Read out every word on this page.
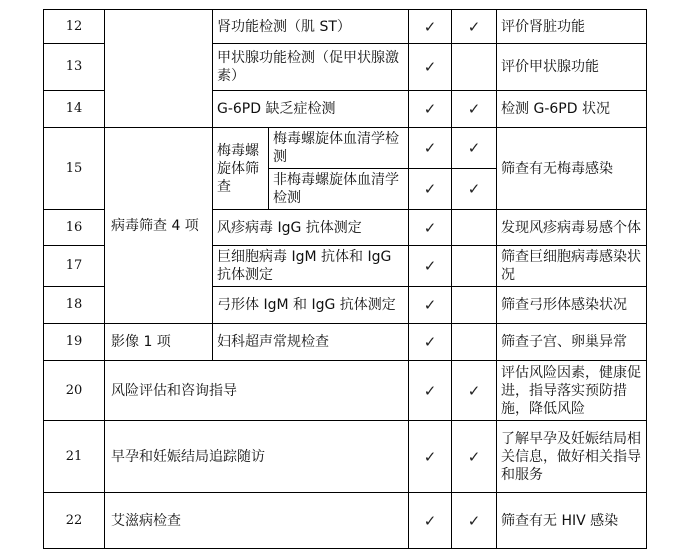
12		肾功能检测（肌 ST）		✓	✓	评价肾脏功能
13		甲状腺功能检测（促甲状腺激素）		✓		评价甲状腺功能
14		G-6PD 缺乏症检测		✓	✓	检测 G-6PD 状况
15	病毒筛查 4 项	梅毒螺旋体筛查	梅毒螺旋体血清学检测	✓	✓	筛查有无梅毒感染
			非梅毒螺旋体血清学检测	✓	✓	
16		风疹病毒 IgG 抗体测定		✓		发现风疹病毒易感个体
17		巨细胞病毒 IgM 抗体和 IgG 抗体测定		✓		筛查巨细胞病毒感染状况
18		弓形体 IgM 和 IgG 抗体测定		✓		筛查弓形体感染状况
19	影像 1 项	妇科超声常规检查		✓		筛查子宫、卵巢异常
20	风险评估和咨询指导			✓	✓	评估风险因素，健康促进，指导落实预防措施，降低风险
21	早孕和妊娠结局追踪随访			✓	✓	了解早孕及妊娠结局相关信息，做好相关指导和服务
22	艾滋病检查			✓	✓	筛查有无 HIV 感染
